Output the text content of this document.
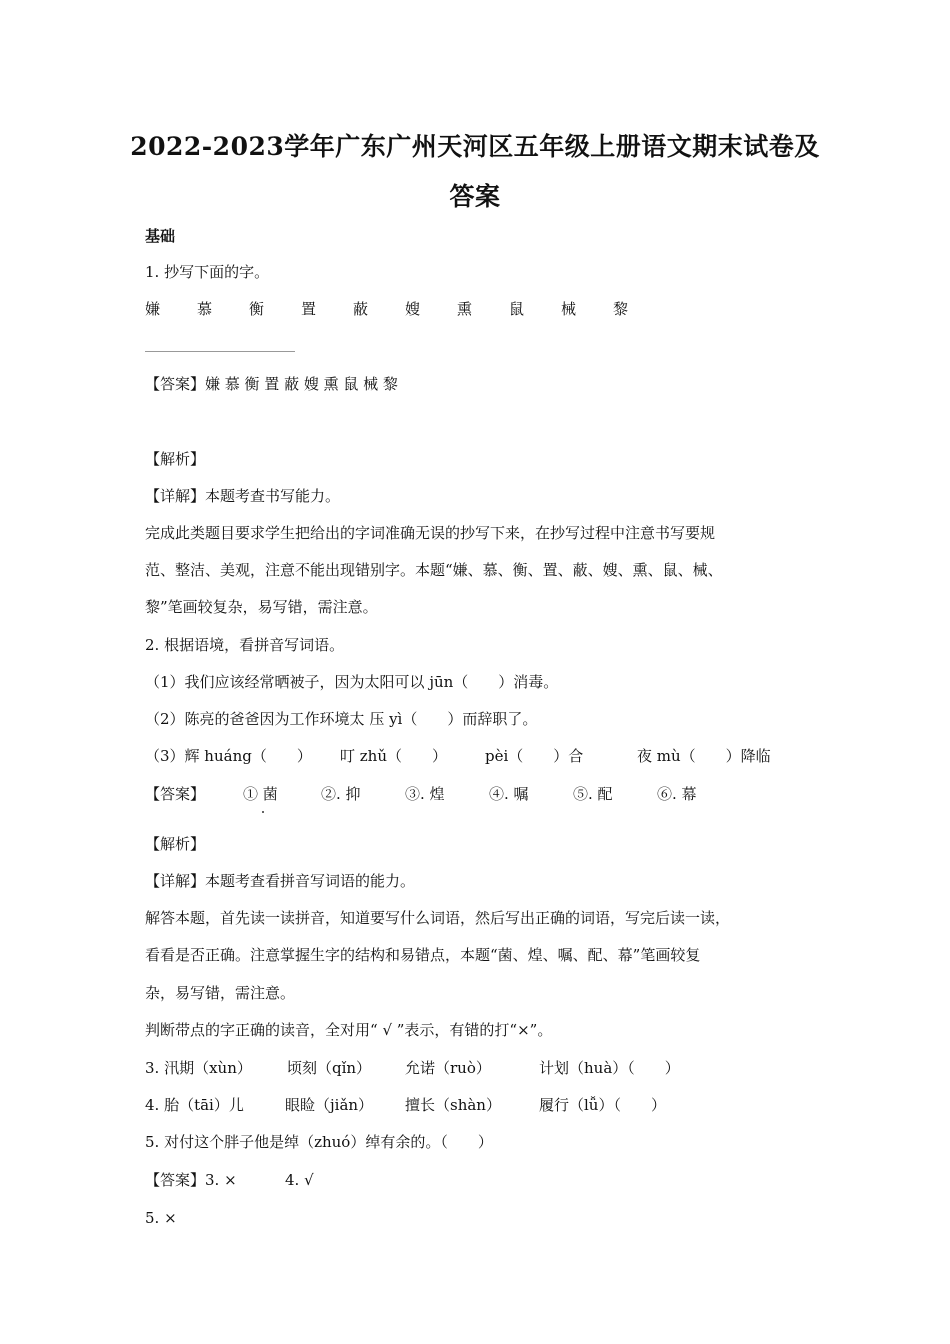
2022-2023学年广东广州天河区五年级上册语文期末试卷及
答案
基础
1. 抄写下面的字。
嫌 慕 衡 置 蔽 嫂 熏 鼠 械 黎
【答案】嫌 慕 衡 置 蔽 嫂 熏 鼠 械 黎
【解析】
【详解】本题考查书写能力。
完成此类题目要求学生把给出的字词准确无误的抄写下来，在抄写过程中注意书写要规
范、整洁、美观，注意不能出现错别字。本题“嫌、慕、衡、置、蔽、嫂、熏、鼠、械、
黎”笔画较复杂，易写错，需注意。
2. 根据语境，看拼音写词语。
（1）我们应该经常晒被子，因为太阳可以 jūn（　　）消毒。
（2）陈亮的爸爸因为工作环境太 压 yì（　　）而辞职了。
（3）辉 huáng（　　） 叮 zhǔ（　　）	pèi（　　）合	夜 mù（　　）降临
【答案】	① 菌	②. 抑	③. 煌	④. 嘱	⑤. 配	⑥. 幕
【解析】
【详解】本题考查看拼音写词语的能力。
解答本题，首先读一读拼音，知道要写什么词语，然后写出正确的词语，写完后读一读，
看看是否正确。注意掌握生字的结构和易错点，本题“菌、煌、嘱、配、幕”笔画较复
杂，易写错，需注意。
判断带点的字正确的读音，全对用“ √ ”表示，有错的打“×”。
3. 汛期（xùn） 顷刻（qǐn） 允诺（ruò）	计划（huà）（　　）
4. 胎（tāi）儿	眼睑（jiǎn） 擅长（shàn）	履行（lǚ）（　　）
5. 对付这个胖子他是绰（zhuó）绰有余的。（　　）
【答案】3. ×	4. √
5. ×
